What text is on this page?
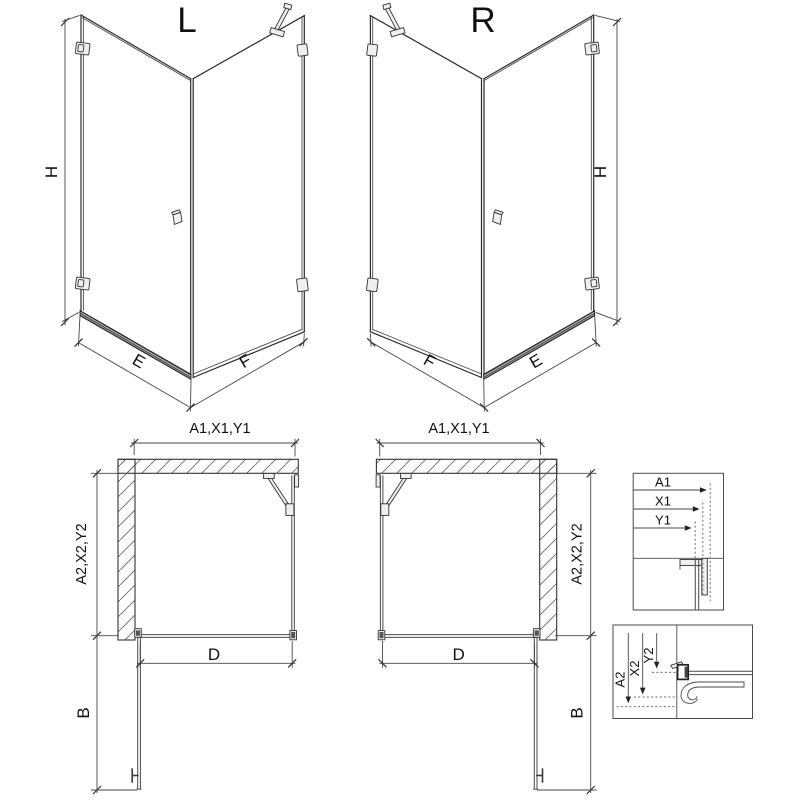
A1
X1
Y1
A2
X2
Y2
L	R
H	H
E	F	F	E
A1,X1,Y1	A1,X1,Y1
A2,X2,Y2	A2,X2,Y2
D	D
B	B
